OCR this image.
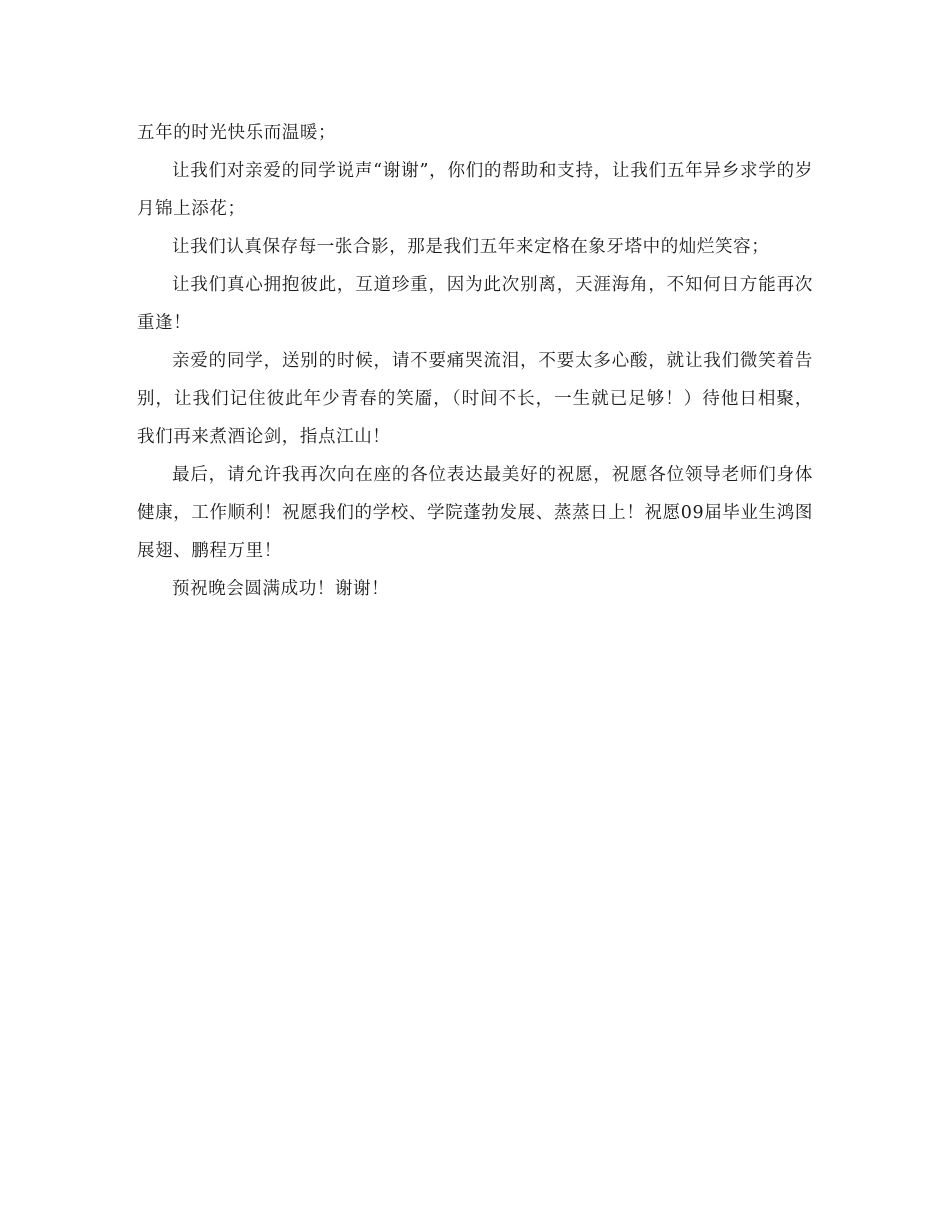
五年的时光快乐而温暖；

让我们对亲爱的同学说声“谢谢”，你们的帮助和支持，让我们五年异乡求学的岁月锦上添花；

让我们认真保存每一张合影，那是我们五年来定格在象牙塔中的灿烂笑容；

让我们真心拥抱彼此，互道珍重，因为此次别离，天涯海角，不知何日方能再次重逢！

亲爱的同学，送别的时候，请不要痛哭流泪，不要太多心酸，就让我们微笑着告别，让我们记住彼此年少青春的笑靥，（时间不长，一生就已足够！）待他日相聚，我们再来煮酒论剑，指点江山！

最后，请允许我再次向在座的各位表达最美好的祝愿，祝愿各位领导老师们身体健康，工作顺利！祝愿我们的学校、学院蓬勃发展、蒸蒸日上！祝愿09届毕业生鸿图展翅、鹏程万里！

预祝晚会圆满成功！谢谢！
